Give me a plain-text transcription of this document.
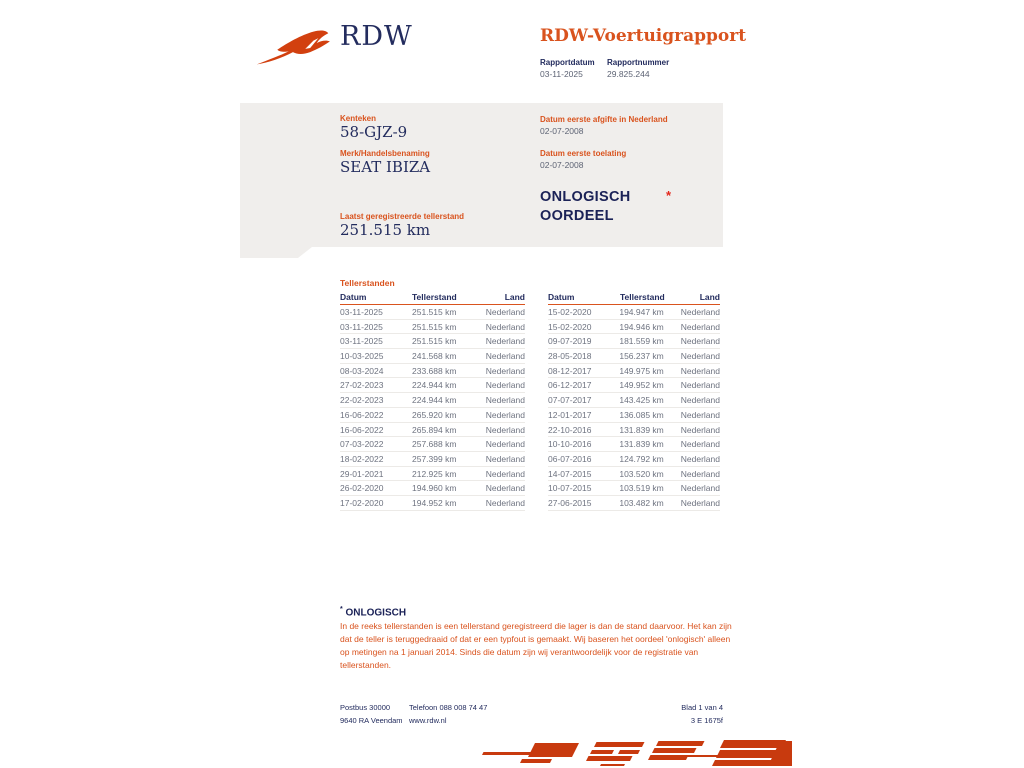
RDW	RDW-Voertuigrapport
Rapportdatum
03-11-2025
Rapportnummer
29.825.244
Kenteken
58-GJZ-9
Merk/Handelsbenaming
SEAT IBIZA
Laatst geregistreerde tellerstand
251.515 km
Datum eerste afgifte in Nederland
02-07-2008
Datum eerste toelating
02-07-2008
ONLOGISCH
OORDEEL
*
Tellerstanden
Datum	Tellerstand	Land
03-11-2025	251.515 km	Nederland
03-11-2025	251.515 km	Nederland
03-11-2025	251.515 km	Nederland
10-03-2025	241.568 km	Nederland
08-03-2024	233.688 km	Nederland
27-02-2023	224.944 km	Nederland
22-02-2023	224.944 km	Nederland
16-06-2022	265.920 km	Nederland
16-06-2022	265.894 km	Nederland
07-03-2022	257.688 km	Nederland
18-02-2022	257.399 km	Nederland
29-01-2021	212.925 km	Nederland
26-02-2020	194.960 km	Nederland
17-02-2020	194.952 km	Nederland
Datum	Tellerstand	Land
15-02-2020	194.947 km	Nederland
15-02-2020	194.946 km	Nederland
09-07-2019	181.559 km	Nederland
28-05-2018	156.237 km	Nederland
08-12-2017	149.975 km	Nederland
06-12-2017	149.952 km	Nederland
07-07-2017	143.425 km	Nederland
12-01-2017	136.085 km	Nederland
22-10-2016	131.839 km	Nederland
10-10-2016	131.839 km	Nederland
06-07-2016	124.792 km	Nederland
14-07-2015	103.520 km	Nederland
10-07-2015	103.519 km	Nederland
27-06-2015	103.482 km	Nederland
* ONLOGISCH
In de reeks tellerstanden is een tellerstand geregistreerd die lager is dan de stand daarvoor. Het kan zijn dat de teller is teruggedraaid of dat er een typfout is gemaakt. Wij baseren het oordeel 'onlogisch' alleen op metingen na 1 januari 2014. Sinds die datum zijn wij verantwoordelijk voor de registratie van tellerstanden.
Postbus 30000
9640 RA Veendam
Telefoon 088 008 74 47
www.rdw.nl
Blad 1 van 4
3 E 1675f
